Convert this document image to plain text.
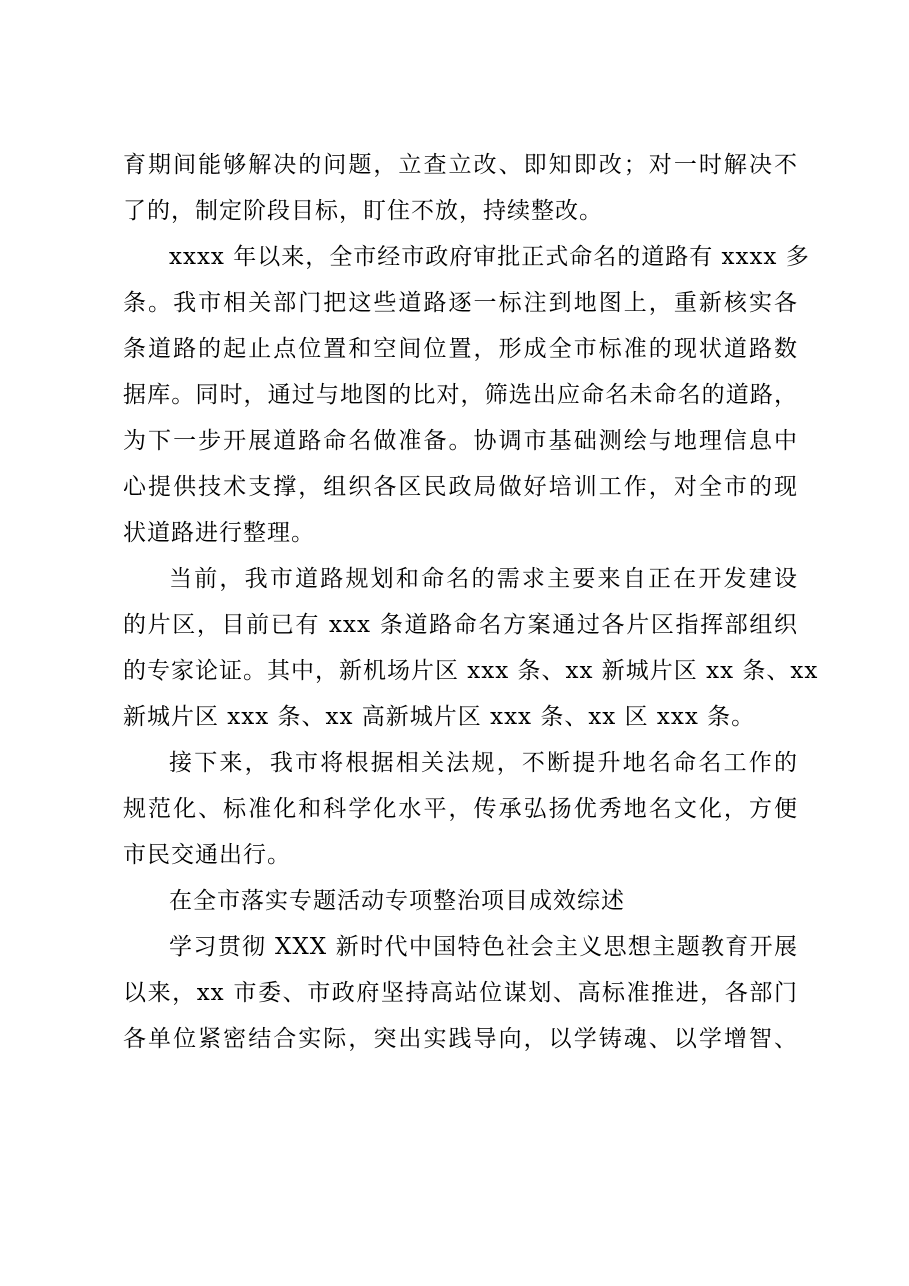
育期间能够解决的问题，立查立改、即知即改；对一时解决不
了的，制定阶段目标，盯住不放，持续整改。
xxxx 年以来，全市经市政府审批正式命名的道路有 xxxx 多
条。我市相关部门把这些道路逐一标注到地图上，重新核实各
条道路的起止点位置和空间位置，形成全市标准的现状道路数
据库。同时，通过与地图的比对，筛选出应命名未命名的道路，
为下一步开展道路命名做准备。协调市基础测绘与地理信息中
心提供技术支撑，组织各区民政局做好培训工作，对全市的现
状道路进行整理。
当前，我市道路规划和命名的需求主要来自正在开发建设
的片区，目前已有 xxx 条道路命名方案通过各片区指挥部组织
的专家论证。其中，新机场片区 xxx 条、xx 新城片区 xx 条、xx
新城片区 xxx 条、xx 高新城片区 xxx 条、xx 区 xxx 条。
接下来，我市将根据相关法规，不断提升地名命名工作的
规范化、标准化和科学化水平，传承弘扬优秀地名文化，方便
市民交通出行。
在全市落实专题活动专项整治项目成效综述
学习贯彻 XXX 新时代中国特色社会主义思想主题教育开展
以来，xx 市委、市政府坚持高站位谋划、高标准推进，各部门
各单位紧密结合实际，突出实践导向，以学铸魂、以学增智、
